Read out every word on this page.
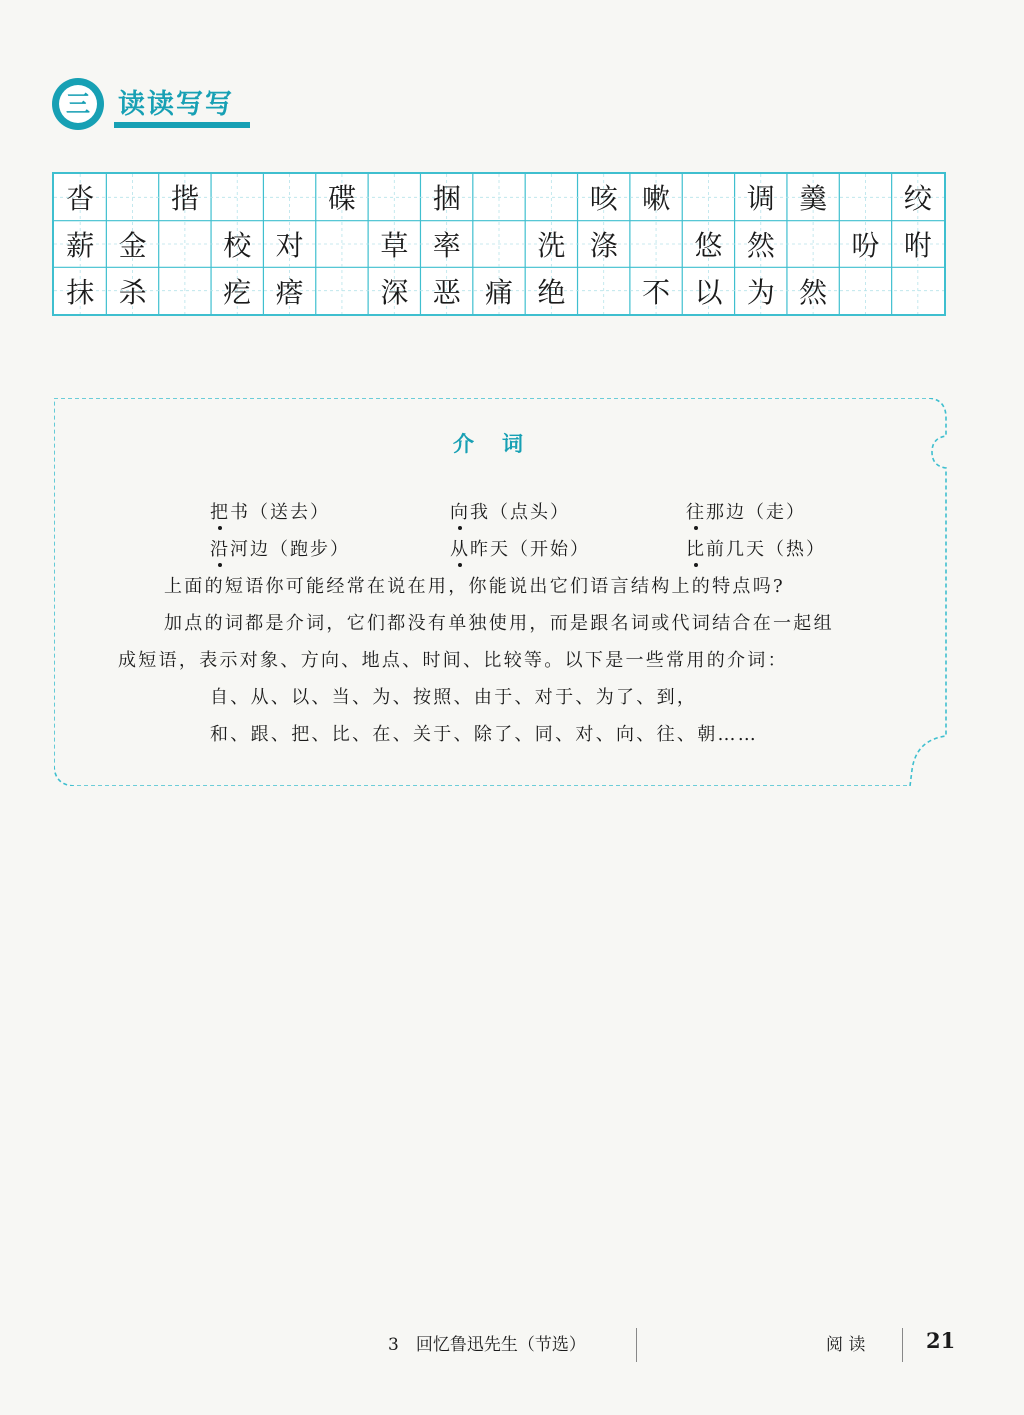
三 读读写写
沓	揩	碟	捆	咳 嗽	调 羹	绞
薪 金	校 对	草 率	洗 涤	悠 然	吩 咐
抹 杀	疙 瘩	深 恶 痛 绝	不 以 为 然
介词
把书（送去）	向我（点头）	往那边（走）
沿河边（跑步）	从昨天（开始）	比前几天（热）
上面的短语你可能经常在说在用，你能说出它们语言结构上的特点吗?
加点的词都是介词，它们都没有单独使用，而是跟名词或代词结合在一起组
成短语，表示对象、方向、地点、时间、比较等。以下是一些常用的介词：
自、从、以、当、为、按照、由于、对于、为了、到，
和、跟、把、比、在、关于、除了、同、对、向、往、朝……
3　回忆鲁迅先生（节选）	阅 读	21
